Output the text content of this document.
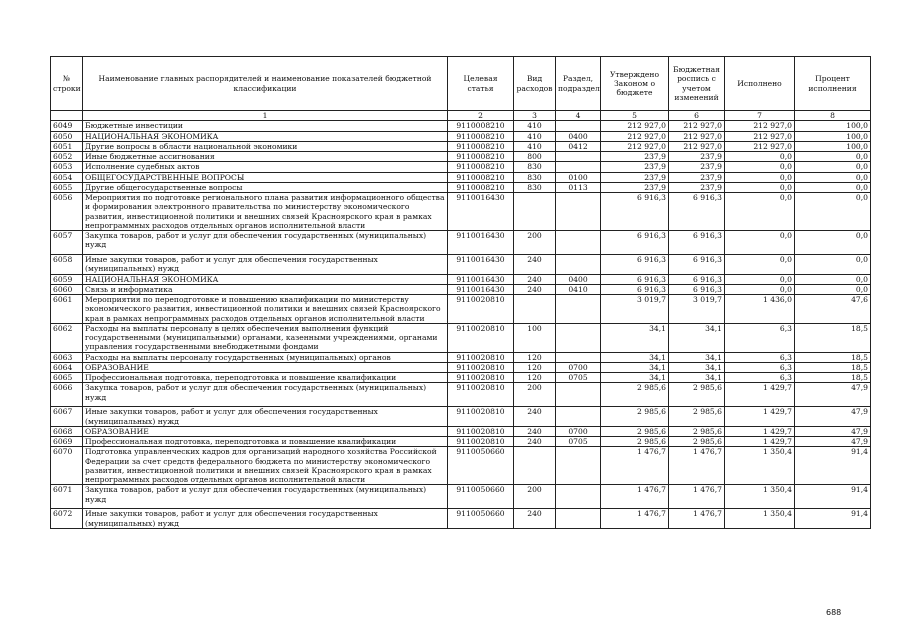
№ строки	Наименование главных распорядителей и наименование показателей бюджетной классификации	Целевая статья	Вид расходов	Раздел, подраздел	Утверждено Законом о бюджете	Бюджетная роспись с учетом изменений	Исполнено	Процент исполнения
	1	2	3	4	5	6	7	8
6049	Бюджетные инвестиции	9110008210	410		212 927,0	212 927,0	212 927,0	100,0
6050	НАЦИОНАЛЬНАЯ ЭКОНОМИКА	9110008210	410	0400	212 927,0	212 927,0	212 927,0	100,0
6051	Другие вопросы в области национальной экономики	9110008210	410	0412	212 927,0	212 927,0	212 927,0	100,0
6052	Иные бюджетные ассигнования	9110008210	800		237,9	237,9	0,0	0,0
6053	Исполнение судебных актов	9110008210	830		237,9	237,9	0,0	0,0
6054	ОБЩЕГОСУДАРСТВЕННЫЕ ВОПРОСЫ	9110008210	830	0100	237,9	237,9	0,0	0,0
6055	Другие общегосударственные вопросы	9110008210	830	0113	237,9	237,9	0,0	0,0
6056	Мероприятия по подготовке регионального плана развития информационного общества и формирования электронного правительства по министерству экономического развития, инвестиционной политики и внешних связей Красноярского края в рамках непрограммных расходов отдельных органов исполнительной власти	9110016430			6 916,3	6 916,3	0,0	0,0
6057	Закупка товаров, работ и услуг для обеспечения государственных (муниципальных) нужд	9110016430	200		6 916,3	6 916,3	0,0	0,0
6058	Иные закупки товаров, работ и услуг для обеспечения государственных (муниципальных) нужд	9110016430	240		6 916,3	6 916,3	0,0	0,0
6059	НАЦИОНАЛЬНАЯ ЭКОНОМИКА	9110016430	240	0400	6 916,3	6 916,3	0,0	0,0
6060	Связь и информатика	9110016430	240	0410	6 916,3	6 916,3	0,0	0,0
6061	Мероприятия по переподготовке и повышению квалификации по министерству экономического развития, инвестиционной политики и внешних связей Красноярского края в рамках непрограммных расходов отдельных органов исполнительной власти	9110020810			3 019,7	3 019,7	1 436,0	47,6
6062	Расходы на выплаты персоналу в целях обеспечения выполнения функций государственными (муниципальными) органами, казенными учреждениями, органами управления государственными внебюджетными фондами	9110020810	100		34,1	34,1	6,3	18,5
6063	Расходы на выплаты персоналу государственных (муниципальных) органов	9110020810	120		34,1	34,1	6,3	18,5
6064	ОБРАЗОВАНИЕ	9110020810	120	0700	34,1	34,1	6,3	18,5
6065	Профессиональная подготовка, переподготовка и повышение квалификации	9110020810	120	0705	34,1	34,1	6,3	18,5
6066	Закупка товаров, работ и услуг для обеспечения государственных (муниципальных) нужд	9110020810	200		2 985,6	2 985,6	1 429,7	47,9
6067	Иные закупки товаров, работ и услуг для обеспечения государственных (муниципальных) нужд	9110020810	240		2 985,6	2 985,6	1 429,7	47,9
6068	ОБРАЗОВАНИЕ	9110020810	240	0700	2 985,6	2 985,6	1 429,7	47,9
6069	Профессиональная подготовка, переподготовка и повышение квалификации	9110020810	240	0705	2 985,6	2 985,6	1 429,7	47,9
6070	Подготовка управленческих кадров для организаций народного хозяйства Российской Федерации за счет средств федерального бюджета по министерству экономического развития, инвестиционной политики и внешних связей Красноярского края в рамках непрограммных расходов отдельных органов исполнительной власти	9110050660			1 476,7	1 476,7	1 350,4	91,4
6071	Закупка товаров, работ и услуг для обеспечения государственных (муниципальных) нужд	9110050660	200		1 476,7	1 476,7	1 350,4	91,4
6072	Иные закупки товаров, работ и услуг для обеспечения государственных (муниципальных) нужд	9110050660	240		1 476,7	1 476,7	1 350,4	91,4
688
